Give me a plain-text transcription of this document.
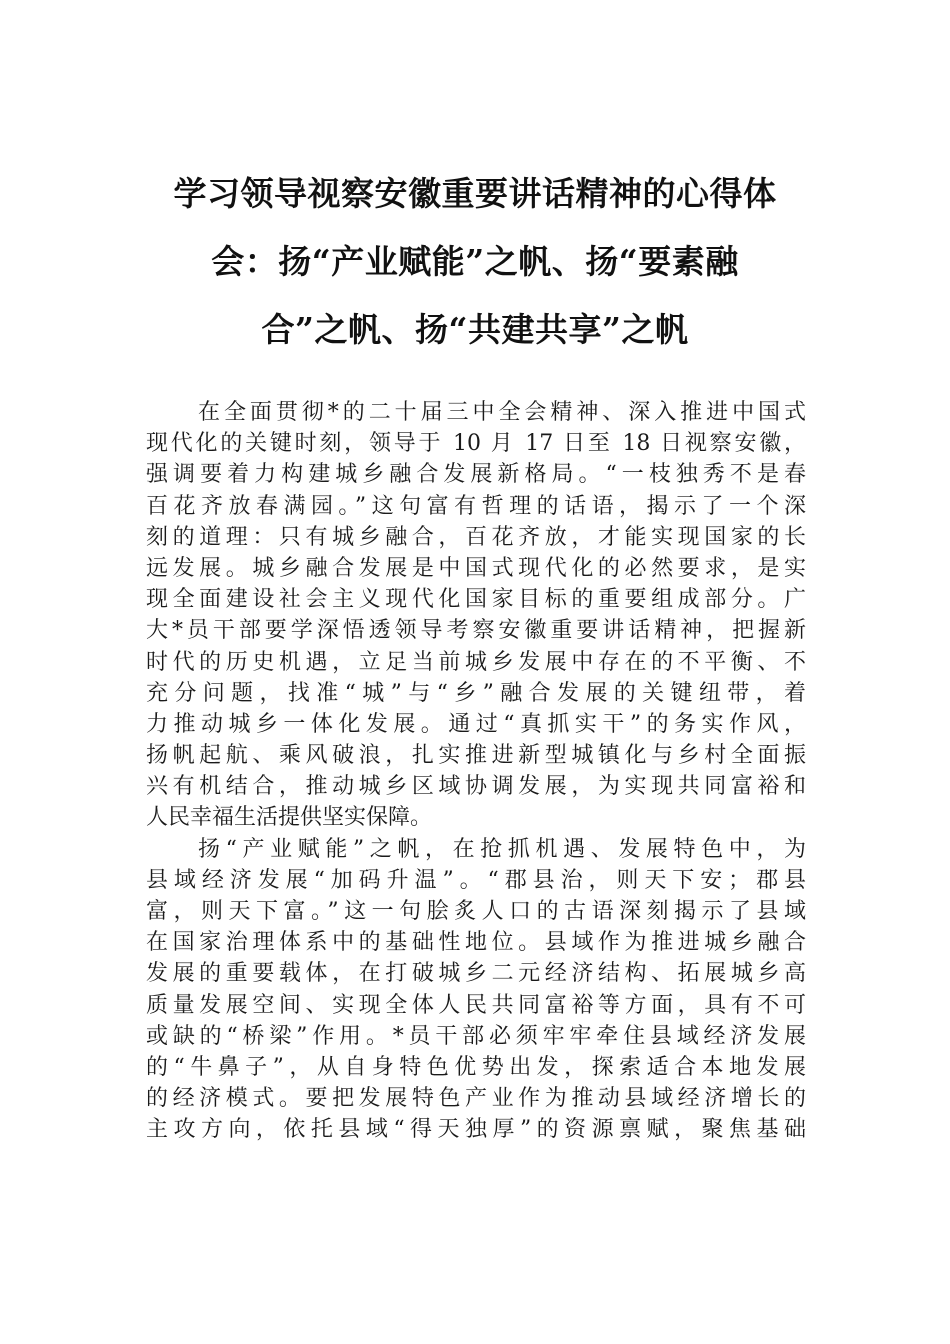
学习领导视察安徽重要讲话精神的心得体
会：扬“产业赋能”之帆、扬“要素融
合”之帆、扬“共建共享”之帆
在全面贯彻*的二十届三中全会精神、深入推进中国式
现代化的关键时刻，领导于 10 月 17 日至 18 日视察安徽，
强调要着力构建城乡融合发展新格局。“一枝独秀不是春
百花齐放春满园。”这句富有哲理的话语，揭示了一个深
刻的道理：只有城乡融合，百花齐放，才能实现国家的长
远发展。城乡融合发展是中国式现代化的必然要求，是实
现全面建设社会主义现代化国家目标的重要组成部分。广
大*员干部要学深悟透领导考察安徽重要讲话精神，把握新
时代的历史机遇，立足当前城乡发展中存在的不平衡、不
充分问题，找准“城”与“乡”融合发展的关键纽带，着
力推动城乡一体化发展。通过“真抓实干”的务实作风，
扬帆起航、乘风破浪，扎实推进新型城镇化与乡村全面振
兴有机结合，推动城乡区域协调发展，为实现共同富裕和
人民幸福生活提供坚实保障。
扬“产业赋能”之帆，在抢抓机遇、发展特色中，为
县域经济发展“加码升温”。“郡县治，则天下安；郡县
富，则天下富。”这一句脍炙人口的古语深刻揭示了县域
在国家治理体系中的基础性地位。县域作为推进城乡融合
发展的重要载体，在打破城乡二元经济结构、拓展城乡高
质量发展空间、实现全体人民共同富裕等方面，具有不可
或缺的“桥梁”作用。*员干部必须牢牢牵住县域经济发展
的“牛鼻子”，从自身特色优势出发，探索适合本地发展
的经济模式。要把发展特色产业作为推动县域经济增长的
主攻方向，依托县域“得天独厚”的资源禀赋，聚焦基础
